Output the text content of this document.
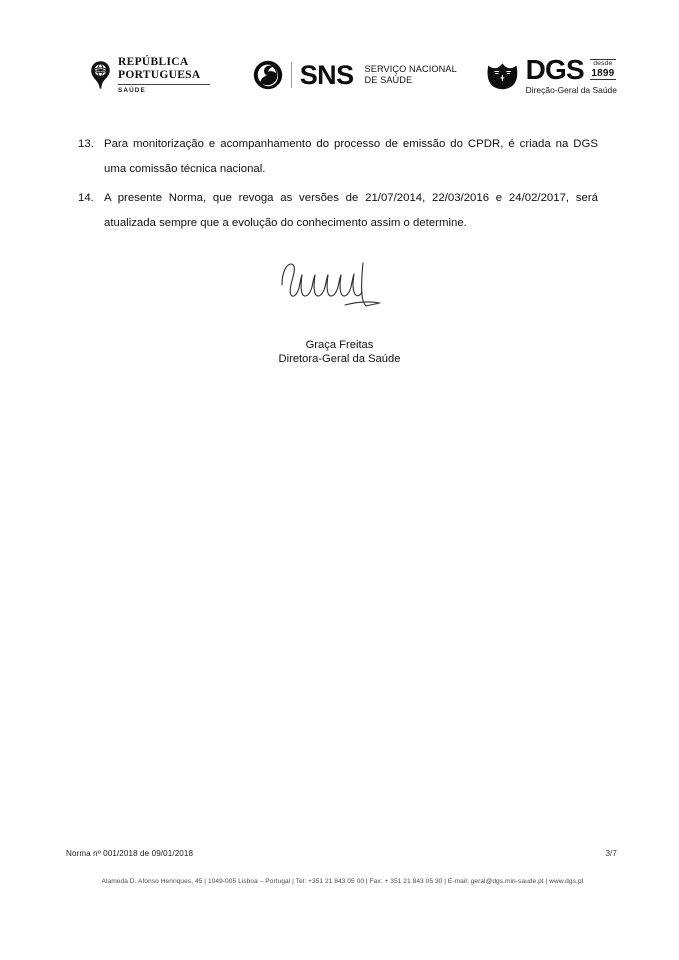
REPÚBLICA
PORTUGUESA
SAÚDE
SNS SERVIÇO NACIONAL
DE SAÚDE	DGS desde
1899
Direção-Geral da Saúde
13. Para monitorização e acompanhamento do processo de emissão do CPDR, é criada na DGS uma comissão técnica nacional.
14. A presente Norma, que revoga as versões de 21/07/2014, 22/03/2016 e 24/02/2017, será atualizada sempre que a evolução do conhecimento assim o determine.
Graça Freitas
Diretora-Geral da Saúde
Norma nº 001/2018 de 09/01/2018	3/7
Alameda D. Afonso Henriques, 45 | 1049-005 Lisboa – Portugal | Tel: +351 21 843 05 00 | Fax: + 351 21 843 05 30 | E-mail: geral@dgs.min-saude.pt | www.dgs.pt
